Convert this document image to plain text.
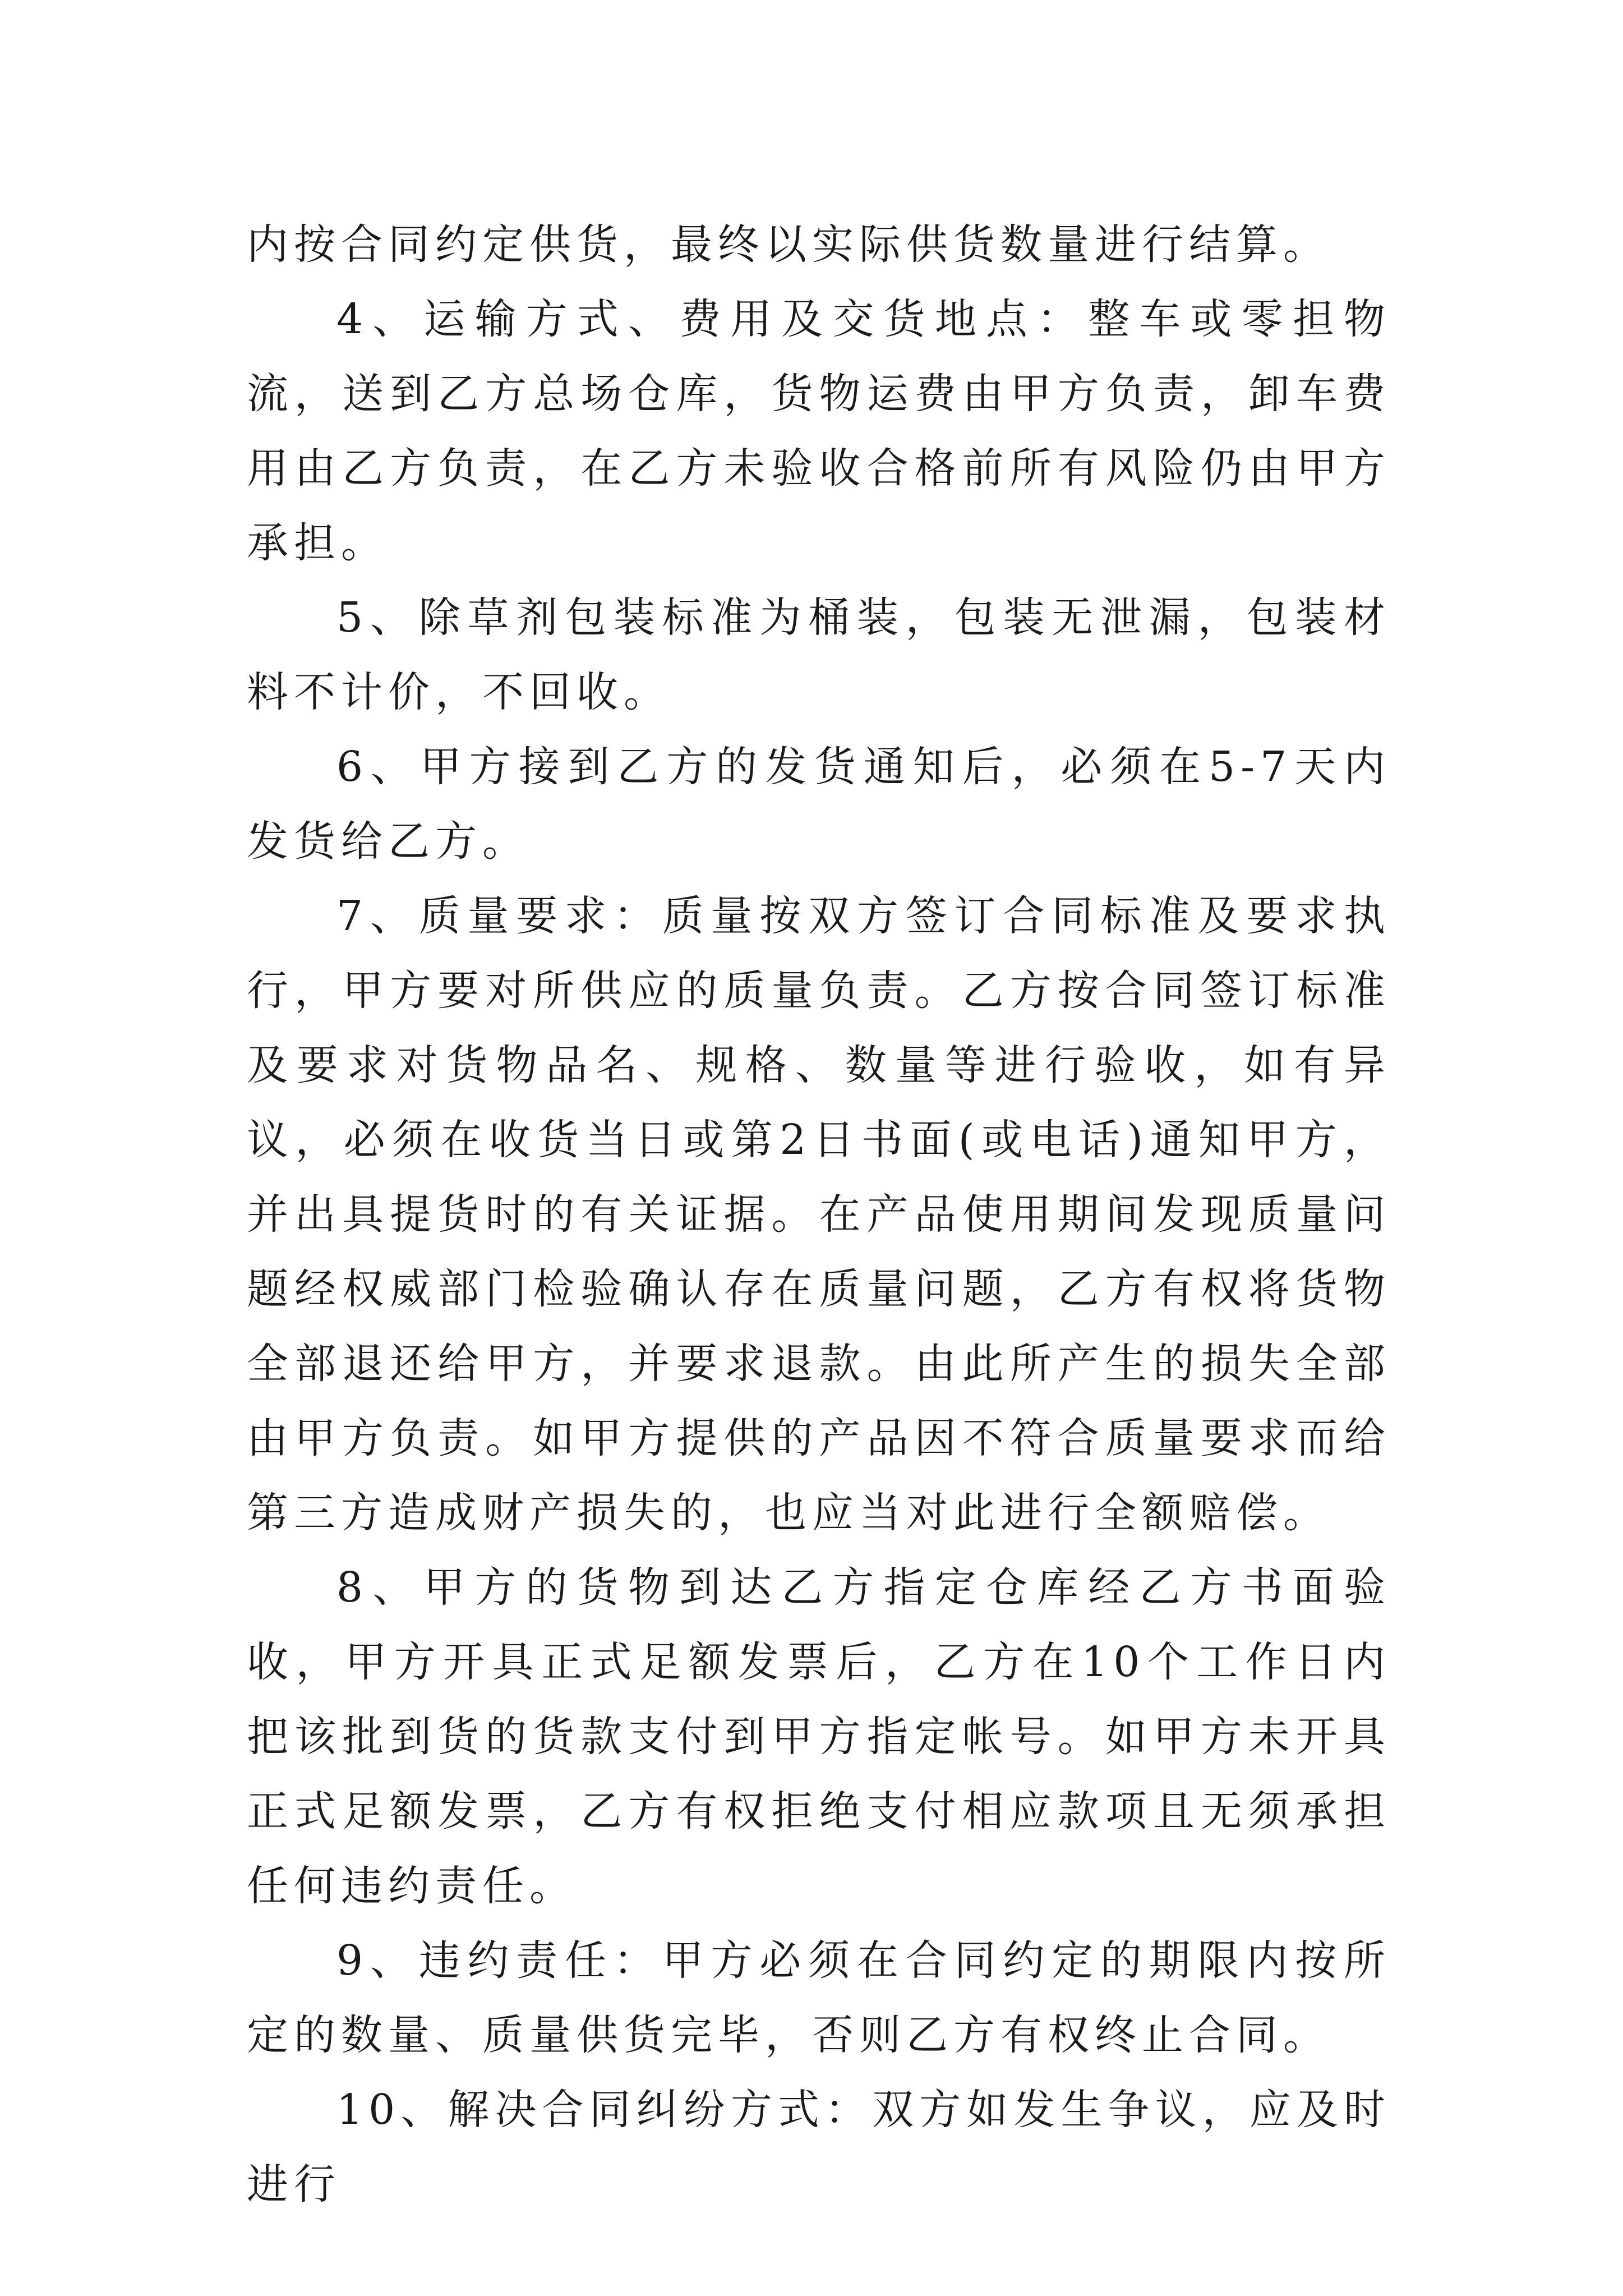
内按合同约定供货，最终以实际供货数量进行结算。

4、运输方式、费用及交货地点：整车或零担物流，送到乙方总场仓库，货物运费由甲方负责，卸车费用由乙方负责，在乙方未验收合格前所有风险仍由甲方承担。

5、除草剂包装标准为桶装，包装无泄漏，包装材料不计价，不回收。

6、甲方接到乙方的发货通知后，必须在5-7天内发货给乙方。

7、质量要求：质量按双方签订合同标准及要求执行，甲方要对所供应的质量负责。乙方按合同签订标准及要求对货物品名、规格、数量等进行验收，如有异议，必须在收货当日或第2日书面(或电话)通知甲方，并出具提货时的有关证据。在产品使用期间发现质量问题经权威部门检验确认存在质量问题，乙方有权将货物全部退还给甲方，并要求退款。由此所产生的损失全部由甲方负责。如甲方提供的产品因不符合质量要求而给第三方造成财产损失的，也应当对此进行全额赔偿。

8、甲方的货物到达乙方指定仓库经乙方书面验收，甲方开具正式足额发票后，乙方在10个工作日内把该批到货的货款支付到甲方指定帐号。如甲方未开具正式足额发票，乙方有权拒绝支付相应款项且无须承担任何违约责任。

9、违约责任：甲方必须在合同约定的期限内按所定的数量、质量供货完毕，否则乙方有权终止合同。

10、解决合同纠纷方式：双方如发生争议，应及时进行
